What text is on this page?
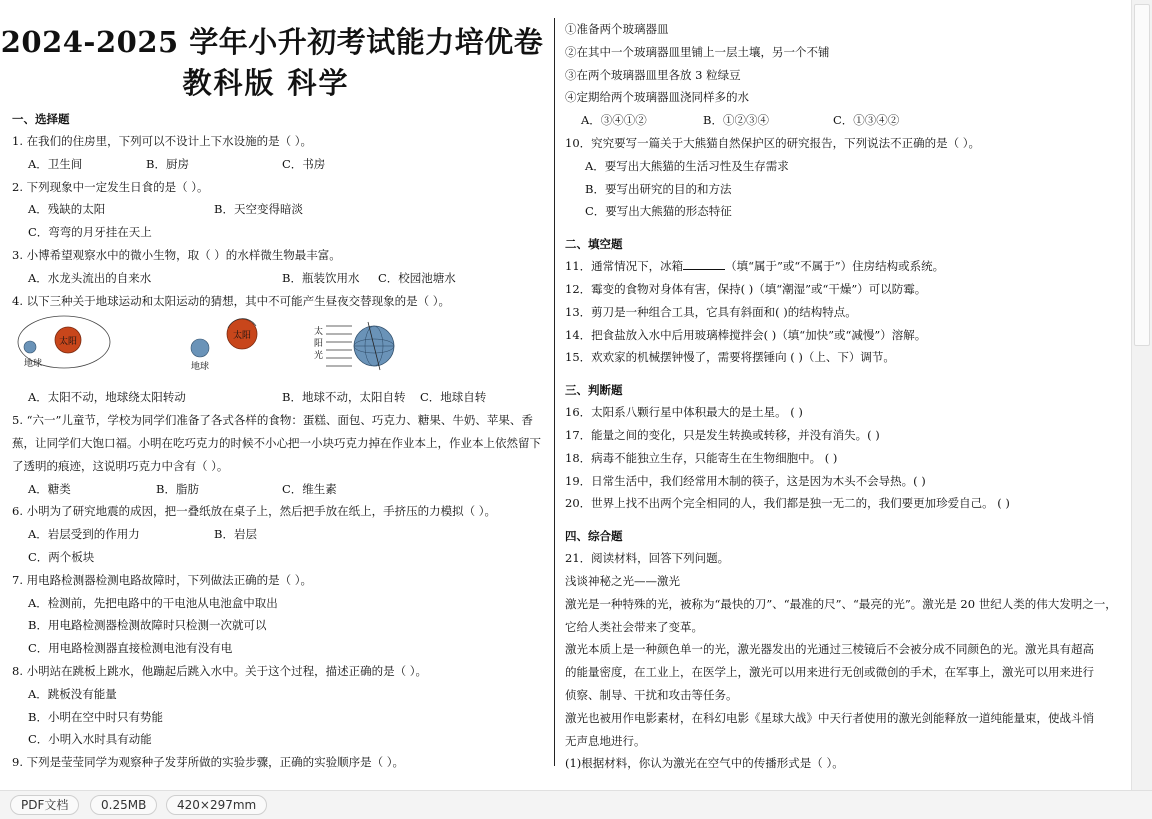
2024-2025 学年小升初考试能力培优卷
教科版 科学
一、选择题
1. 在我们的住房里，下列可以不设计上下水设施的是（ ）。
A．卫生间	B．厨房	C．书房
2. 下列现象中一定发生日食的是（ ）。
A．残缺的太阳	B．天空变得暗淡
C．弯弯的月牙挂在天上
3. 小博希望观察水中的微小生物，取（ ）的水样微生物最丰富。
A．水龙头流出的自来水	B．瓶装饮用水 C．校园池塘水
4. 以下三种关于地球运动和太阳运动的猜想，其中不可能产生昼夜交替现象的是（ ）。
太阳
地球
太阳
地球
太
阳
光
A．太阳不动，地球绕太阳转动	B．地球不动，太阳自转 C．地球自转
5. “六一”儿童节，学校为同学们准备了各式各样的食物：蛋糕、面包、巧克力、糖果、牛奶、苹果、香
蕉，让同学们大饱口福。小明在吃巧克力的时候不小心把一小块巧克力掉在作业本上，作业本上依然留下
了透明的痕迹，这说明巧克力中含有（ ）。
A．糖类	B．脂肪	C．维生素
6. 小明为了研究地震的成因，把一叠纸放在桌子上，然后把手放在纸上，手挤压的力模拟（ ）。
A．岩层受到的作用力	B．岩层
C．两个板块
7. 用电路检测器检测电路故障时，下列做法正确的是（ ）。
A．检测前，先把电路中的干电池从电池盒中取出
B．用电路检测器检测故障时只检测一次就可以
C．用电路检测器直接检测电池有没有电
8. 小明站在跳板上跳水，他蹦起后跳入水中。关于这个过程，描述正确的是（ ）。
A．跳板没有能量
B．小明在空中时只有势能
C．小明入水时具有动能
9. 下列是莹莹同学为观察种子发芽所做的实验步骤，正确的实验顺序是（ ）。
①准备两个玻璃器皿
②在其中一个玻璃器皿里铺上一层土壤，另一个不铺
③在两个玻璃器皿里各放 3 粒绿豆
④定期给两个玻璃器皿浇同样多的水
A．③④①②	B．①②③④	C．①③④②
10．究究要写一篇关于大熊猫自然保护区的研究报告，下列说法不正确的是（ ）。
A．要写出大熊猫的生活习性及生存需求
B．要写出研究的目的和方法
C．要写出大熊猫的形态特征
二、填空题
11．通常情况下，冰箱	（填“属于”或“不属于”）住房结构或系统。
12．霉变的食物对身体有害，保持( )（填“潮湿”或“干燥”）可以防霉。
13．剪刀是一种组合工具，它具有斜面和( )的结构特点。
14．把食盐放入水中后用玻璃棒搅拌会( )（填“加快”或“减慢”）溶解。
15．欢欢家的机械摆钟慢了，需要将摆锤向 ( )（上、下）调节。
三、判断题
16．太阳系八颗行星中体积最大的是土星。 ( )
17．能量之间的变化，只是发生转换或转移，并没有消失。( )
18．病毒不能独立生存，只能寄生在生物细胞中。 ( )
19．日常生活中，我们经常用木制的筷子，这是因为木头不会导热。( )
20．世界上找不出两个完全相同的人，我们都是独一无二的，我们要更加珍爱自己。 ( )
四、综合题
21．阅读材料，回答下列问题。
浅谈神秘之光——激光
激光是一种特殊的光，被称为“最快的刀”、“最准的尺”、“最亮的光”。激光是 20 世纪人类的伟大发明之一，
它给人类社会带来了变革。
激光本质上是一种颜色单一的光，激光器发出的光通过三棱镜后不会被分成不同颜色的光。激光具有超高
的能量密度，在工业上，在医学上，激光可以用来进行无创或微创的手术，在军事上，激光可以用来进行
侦察、制导、干扰和攻击等任务。
激光也被用作电影素材，在科幻电影《星球大战》中天行者使用的激光剑能释放一道纯能量束，使战斗悄
无声息地进行。
(1)根据材料，你认为激光在空气中的传播形式是（ ）。
PDF文档	0.25MB	420×297mm
